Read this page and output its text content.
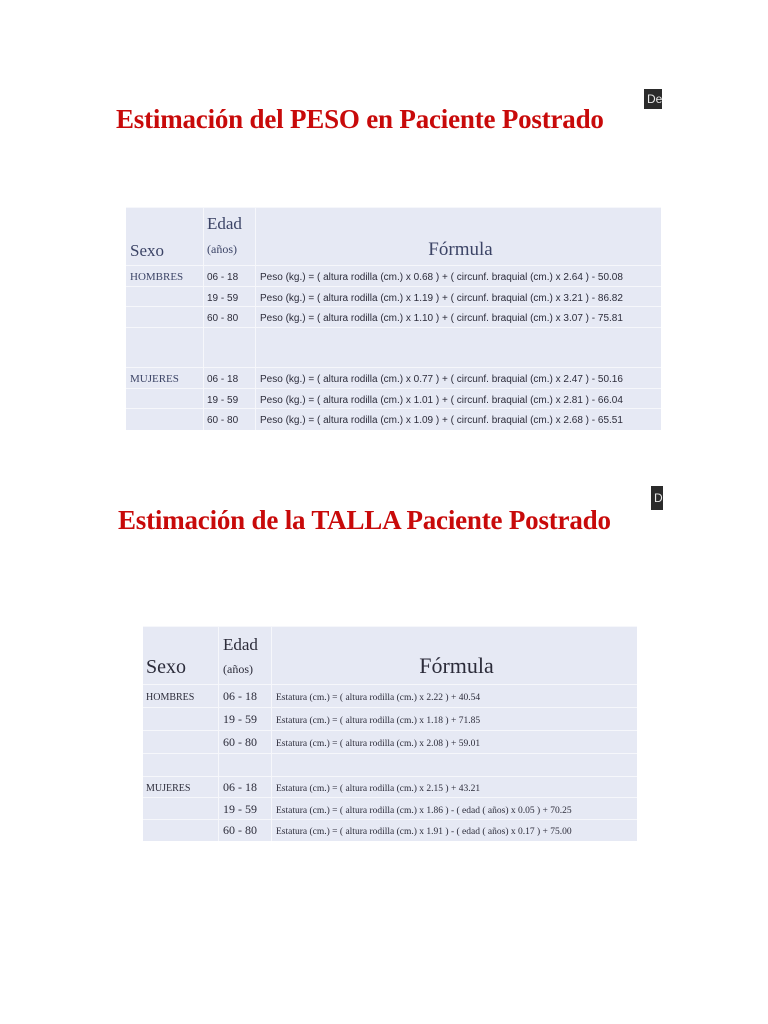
Estimación del PESO en Paciente Postrado
De
Sexo	Edad	Fórmula

	(años)	
HOMBRES	06 - 18	Peso (kg.) = ( altura rodilla (cm.) x 0.68 ) + ( circunf. braquial (cm.) x 2.64 ) - 50.08
	19 - 59	Peso (kg.) = ( altura rodilla (cm.) x 1.19 ) + ( circunf. braquial (cm.) x 3.21 ) - 86.82
	60 - 80	Peso (kg.) = ( altura rodilla (cm.) x 1.10 ) + ( circunf. braquial (cm.) x 3.07 ) - 75.81

MUJERES	06 - 18	Peso (kg.) = ( altura rodilla (cm.) x 0.77 ) + ( circunf. braquial (cm.) x 2.47 ) - 50.16
	19 - 59	Peso (kg.) = ( altura rodilla (cm.) x 1.01 ) + ( circunf. braquial (cm.) x 2.81 ) - 66.04
	60 - 80	Peso (kg.) = ( altura rodilla (cm.) x 1.09 ) + ( circunf. braquial (cm.) x 2.68 ) - 65.51
Estimación de la TALLA Paciente Postrado
D
Sexo	Edad	Fórmula

	(años)	
HOMBRES	06 - 18	Estatura (cm.) = ( altura rodilla (cm.) x 2.22 ) + 40.54
	19 - 59	Estatura (cm.) = ( altura rodilla (cm.) x 1.18 ) + 71.85
	60 - 80	Estatura (cm.) = ( altura rodilla (cm.) x 2.08 ) + 59.01

MUJERES	06 - 18	Estatura (cm.) = ( altura rodilla (cm.) x 2.15 ) + 43.21
	19 - 59	Estatura (cm.) = ( altura rodilla (cm.) x 1.86 ) - ( edad ( años) x 0.05 ) + 70.25
	60 - 80	Estatura (cm.) = ( altura rodilla (cm.) x 1.91 ) - ( edad ( años) x 0.17 ) + 75.00
